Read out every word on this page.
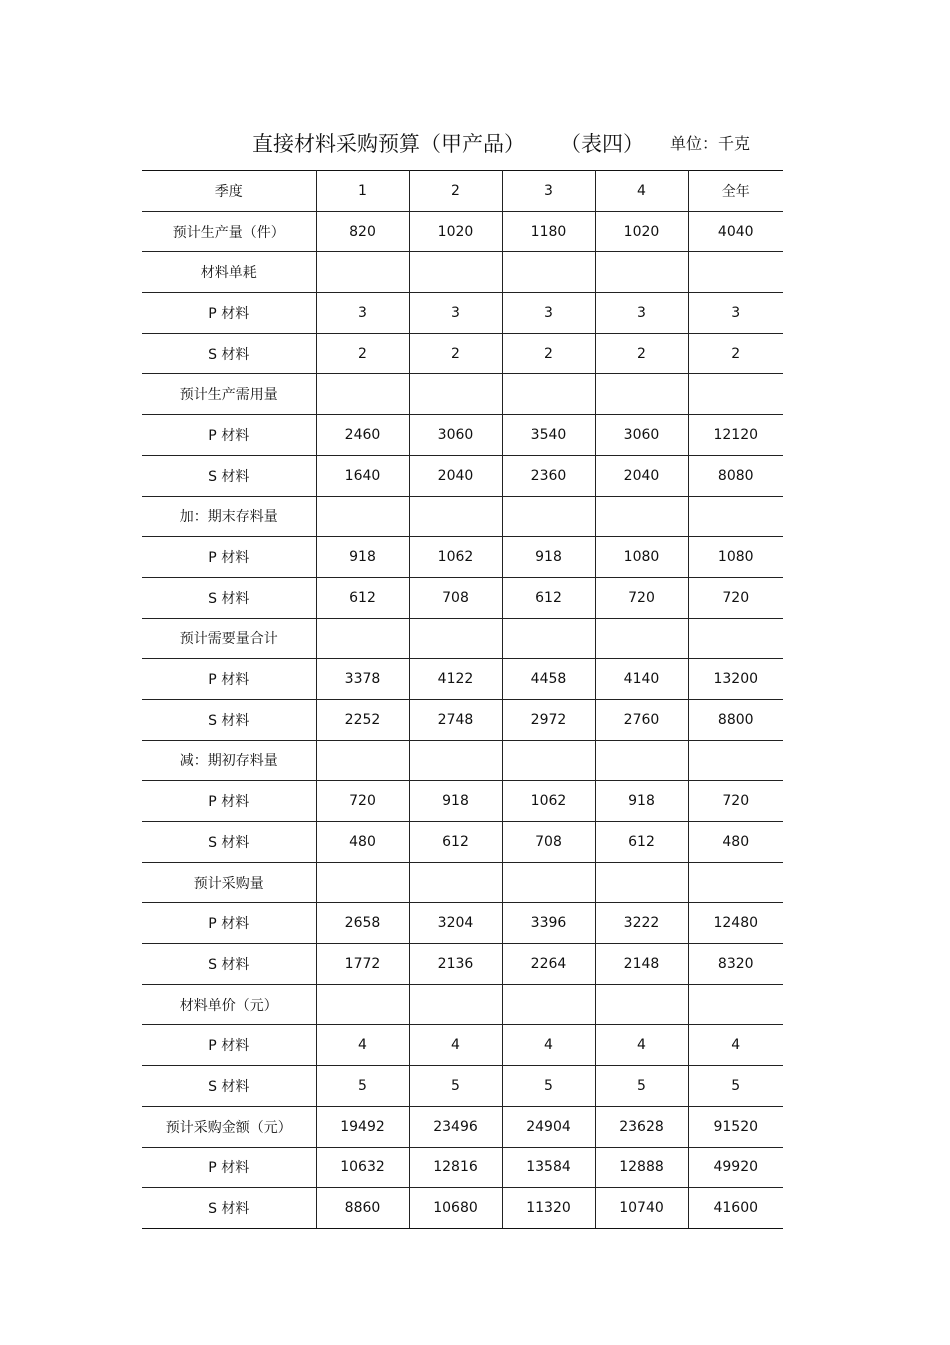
直接材料采购预算（甲产品） （表四） 单位：千克
季度	1	2	3	4	全年
预计生产量（件）	820	1020	1180	1020	4040
材料单耗					
P 材料	3	3	3	3	3
S 材料	2	2	2	2	2
预计生产需用量					
P 材料	2460	3060	3540	3060	12120
S 材料	1640	2040	2360	2040	8080
加：期末存料量					
P 材料	918	1062	918	1080	1080
S 材料	612	708	612	720	720
预计需要量合计					
P 材料	3378	4122	4458	4140	13200
S 材料	2252	2748	2972	2760	8800
减：期初存料量					
P 材料	720	918	1062	918	720
S 材料	480	612	708	612	480
预计采购量					
P 材料	2658	3204	3396	3222	12480
S 材料	1772	2136	2264	2148	8320
材料单价（元）					
P 材料	4	4	4	4	4
S 材料	5	5	5	5	5
预计采购金额（元）	19492	23496	24904	23628	91520
P 材料	10632	12816	13584	12888	49920
S 材料	8860	10680	11320	10740	41600
